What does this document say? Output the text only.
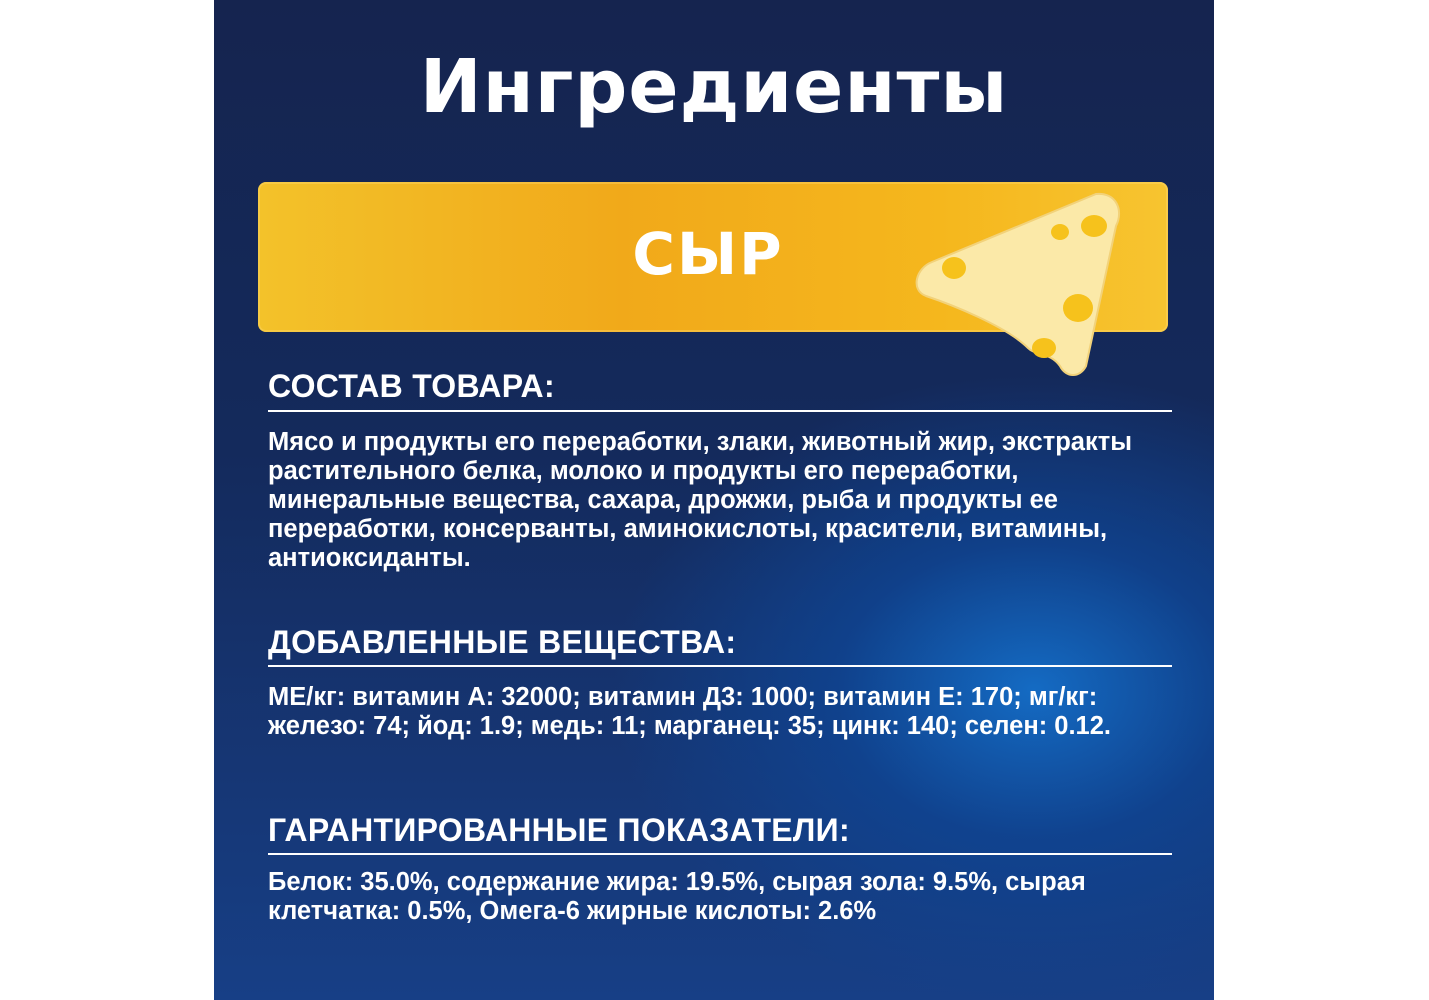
Ингредиенты
СЫР
СОСТАВ ТОВАРА:
Мясо и продукты его переработки, злаки, животный жир, экстракты растительного белка, молоко и продукты его переработки, минеральные вещества, сахара, дрожжи, рыба и продукты ее переработки, консерванты, аминокислоты, красители, витамины, антиоксиданты.
ДОБАВЛЕННЫЕ ВЕЩЕСТВА:
МЕ/кг: витамин А: 32000; витамин Д3: 1000; витамин Е: 170; мг/кг: железо: 74; йод: 1.9; медь: 11; марганец: 35; цинк: 140; селен: 0.12.
ГАРАНТИРОВАННЫЕ ПОКАЗАТЕЛИ:
Белок: 35.0%, содержание жира: 19.5%, сырая зола: 9.5%, сырая клетчатка: 0.5%, Омега-6 жирные кислоты: 2.6%
